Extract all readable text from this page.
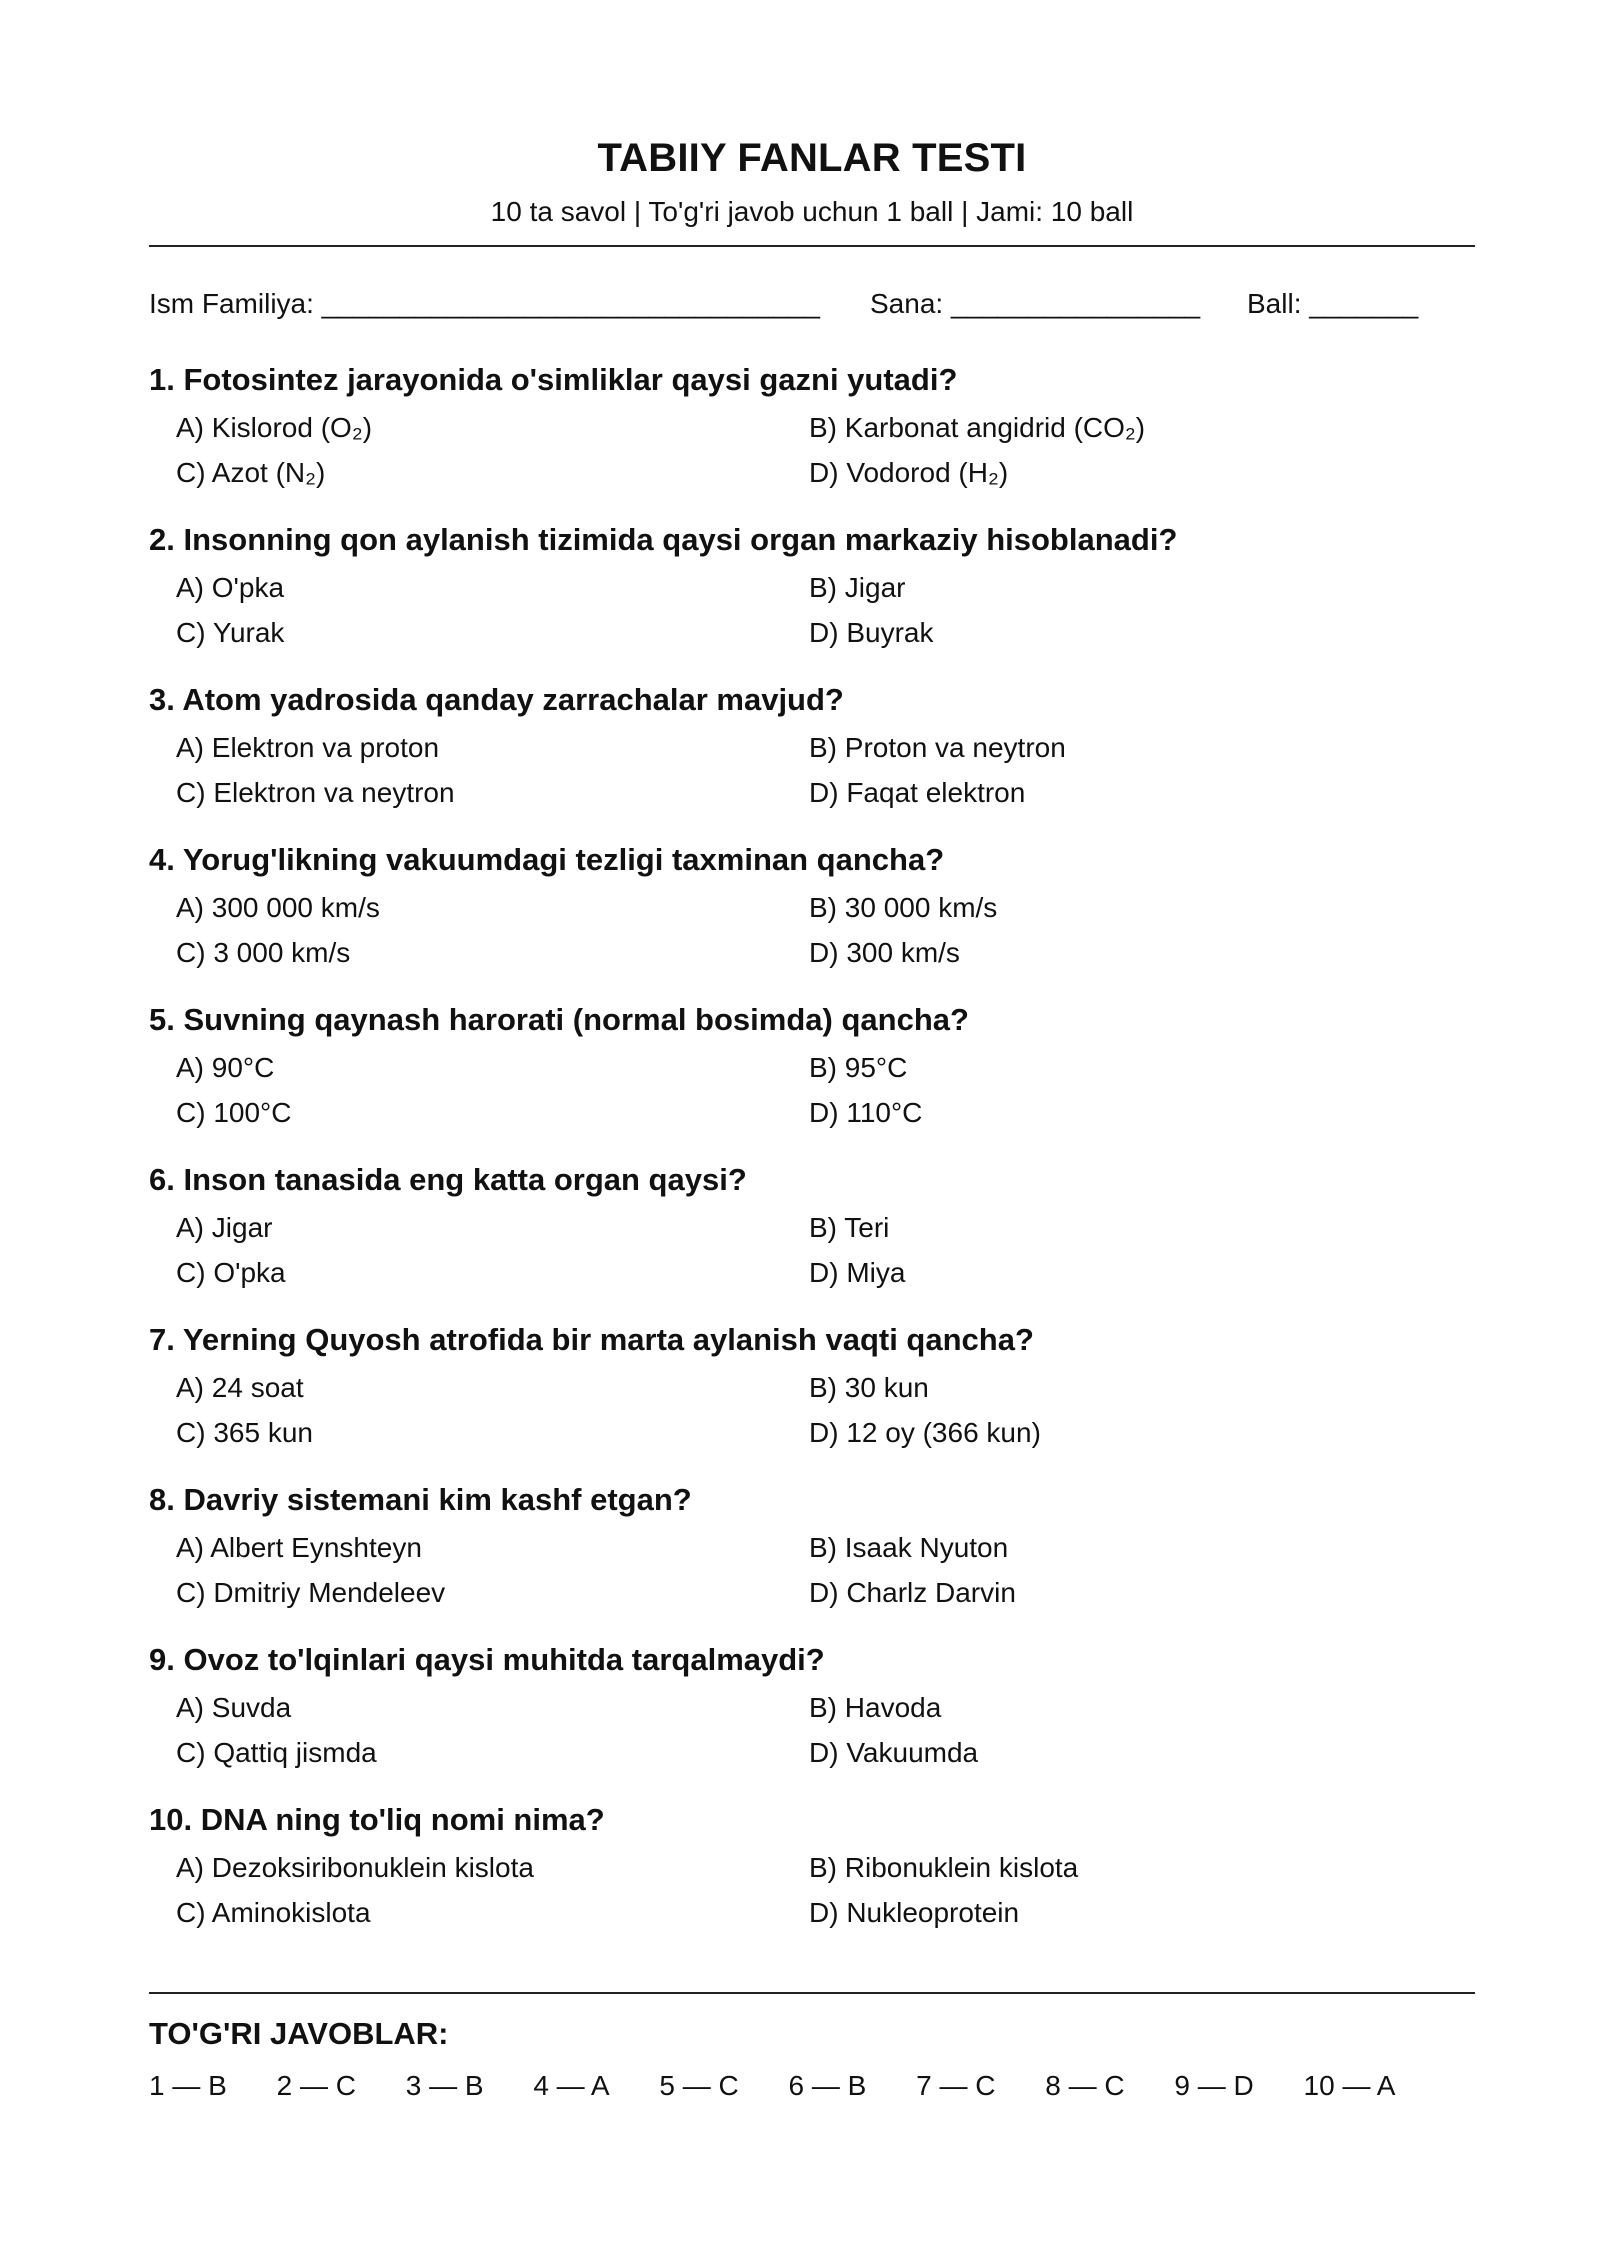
TABIIY FANLAR TESTI
10 ta savol | To'g'ri javob uchun 1 ball | Jami: 10 ball
Ism Familiya: ________________________________ Sana: ________________ Ball: _______
1. Fotosintez jarayonida o'simliklar qaysi gazni yutadi?
A) Kislorod (O₂)	B) Karbonat angidrid (CO₂)
C) Azot (N₂)	D) Vodorod (H₂)
2. Insonning qon aylanish tizimida qaysi organ markaziy hisoblanadi?
A) O'pka	B) Jigar
C) Yurak	D) Buyrak
3. Atom yadrosida qanday zarrachalar mavjud?
A) Elektron va proton	B) Proton va neytron
C) Elektron va neytron	D) Faqat elektron
4. Yorug'likning vakuumdagi tezligi taxminan qancha?
A) 300 000 km/s	B) 30 000 km/s
C) 3 000 km/s	D) 300 km/s
5. Suvning qaynash harorati (normal bosimda) qancha?
A) 90°C	B) 95°C
C) 100°C	D) 110°C
6. Inson tanasida eng katta organ qaysi?
A) Jigar	B) Teri
C) O'pka	D) Miya
7. Yerning Quyosh atrofida bir marta aylanish vaqti qancha?
A) 24 soat	B) 30 kun
C) 365 kun	D) 12 oy (366 kun)
8. Davriy sistemani kim kashf etgan?
A) Albert Eynshteyn	B) Isaak Nyuton
C) Dmitriy Mendeleev	D) Charlz Darvin
9. Ovoz to'lqinlari qaysi muhitda tarqalmaydi?
A) Suvda	B) Havoda
C) Qattiq jismda	D) Vakuumda
10. DNA ning to'liq nomi nima?
A) Dezoksiribonuklein kislota	B) Ribonuklein kislota
C) Aminokislota	D) Nukleoprotein
TO'G'RI JAVOBLAR:
1 — B 2 — C 3 — B 4 — A 5 — C 6 — B 7 — C 8 — C 9 — D 10 — A
